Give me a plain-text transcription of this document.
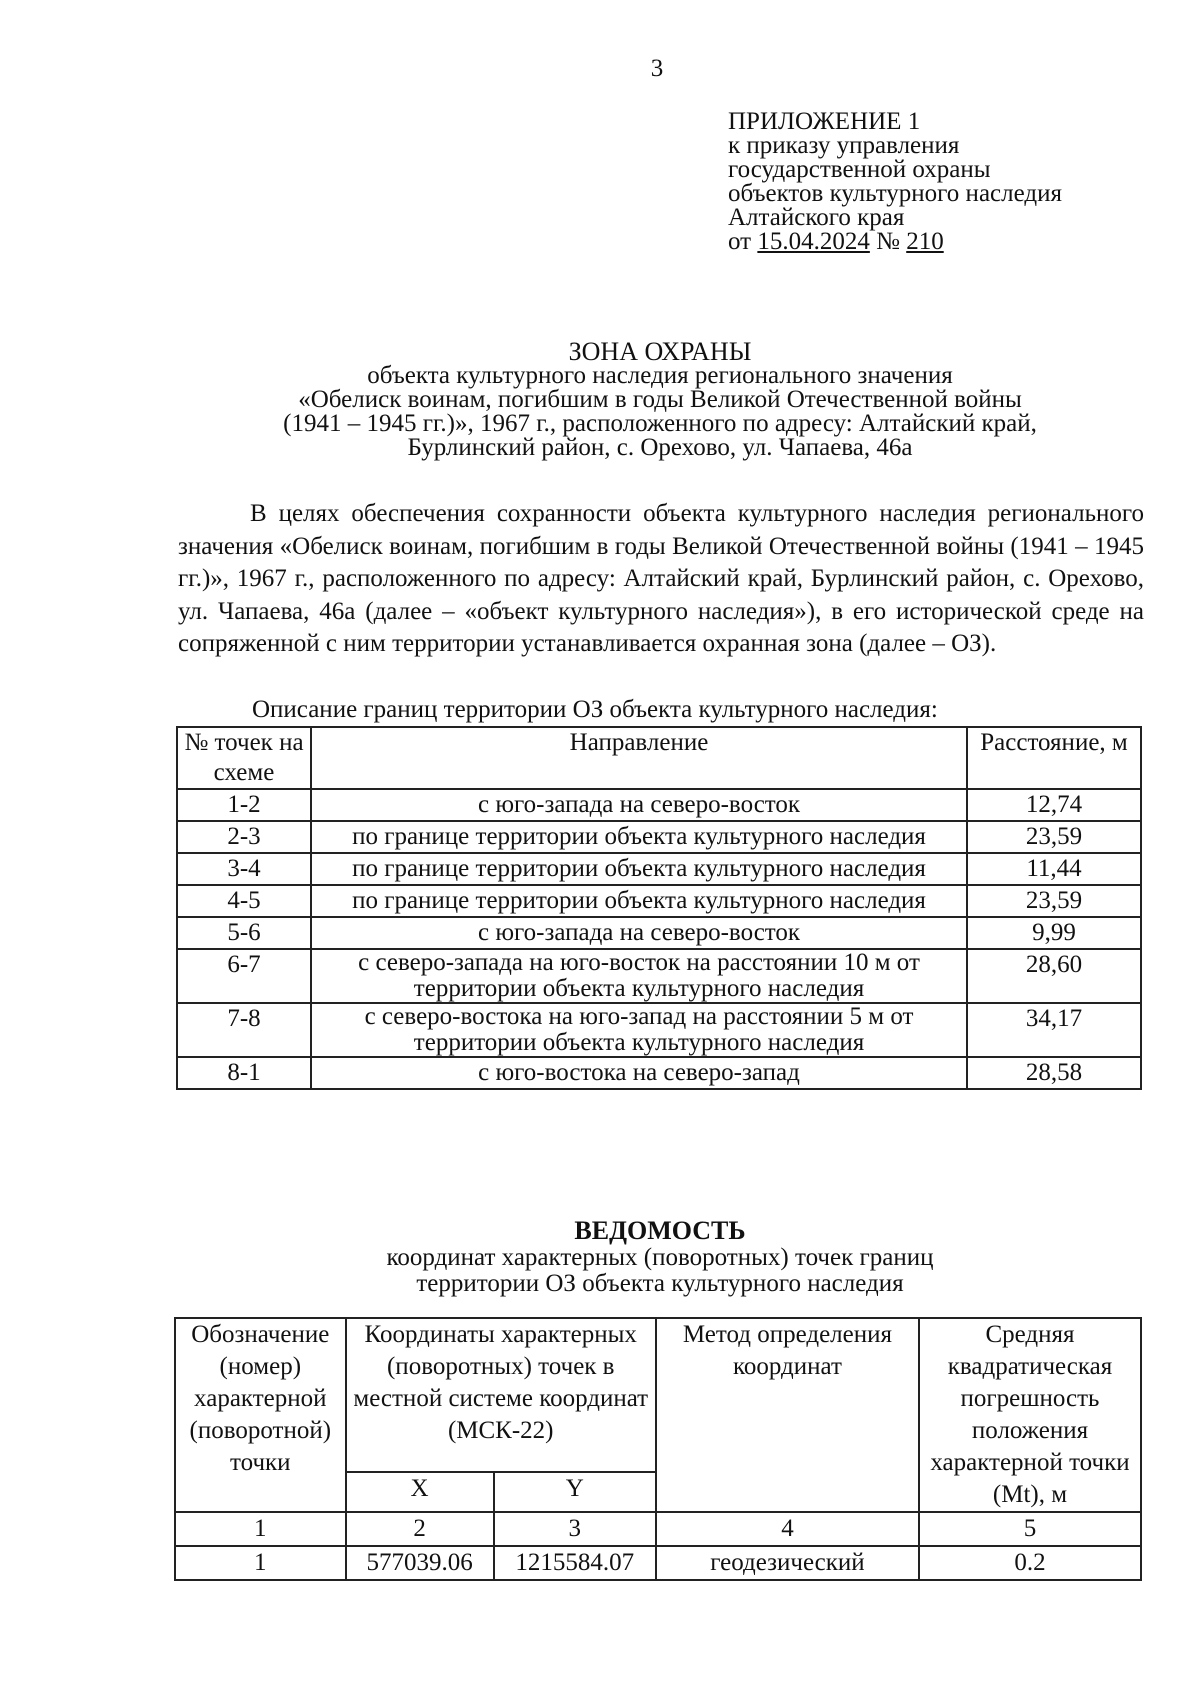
3
ПРИЛОЖЕНИЕ 1
к приказу управления
государственной охраны
объектов культурного наследия
Алтайского края
от 15.04.2024 № 210
ЗОНА ОХРАНЫ
объекта культурного наследия регионального значения
«Обелиск воинам, погибшим в годы Великой Отечественной войны
(1941 – 1945 гг.)», 1967 г., расположенного по адресу: Алтайский край,
Бурлинский район, с. Орехово, ул. Чапаева, 46а
В целях обеспечения сохранности объекта культурного наследия регионального значения «Обелиск воинам, погибшим в годы Великой Отечественной войны (1941 – 1945 гг.)», 1967 г., расположенного по адресу: Алтайский край, Бурлинский район, с. Орехово, ул. Чапаева, 46а (далее – «объект культурного наследия»), в его исторической среде на сопряженной с ним территории устанавливается охранная зона (далее – ОЗ).
Описание границ территории ОЗ объекта культурного наследия:
№ точек на схеме	Направление	Расстояние, м
1-2	с юго-запада на северо-восток	12,74
2-3	по границе территории объекта культурного наследия	23,59
3-4	по границе территории объекта культурного наследия	11,44
4-5	по границе территории объекта культурного наследия	23,59
5-6	с юго-запада на северо-восток	9,99
6-7	с северо-запада на юго-восток на расстоянии 10 м от территории объекта культурного наследия	28,60
7-8	с северо-востока на юго-запад на расстоянии 5 м от территории объекта культурного наследия	34,17
8-1	с юго-востока на северо-запад	28,58
ВЕДОМОСТЬ
координат характерных (поворотных) точек границ
территории ОЗ объекта культурного наследия
Обозначение (номер) характерной (поворотной) точки	Координаты характерных (поворотных) точек в местной системе координат (МСК-22)		Метод определения координат	Средняя квадратическая погрешность положения характерной точки (Mt), м
	X	Y		
1	2	3	4	5
1	577039.06	1215584.07	геодезический	0.2
